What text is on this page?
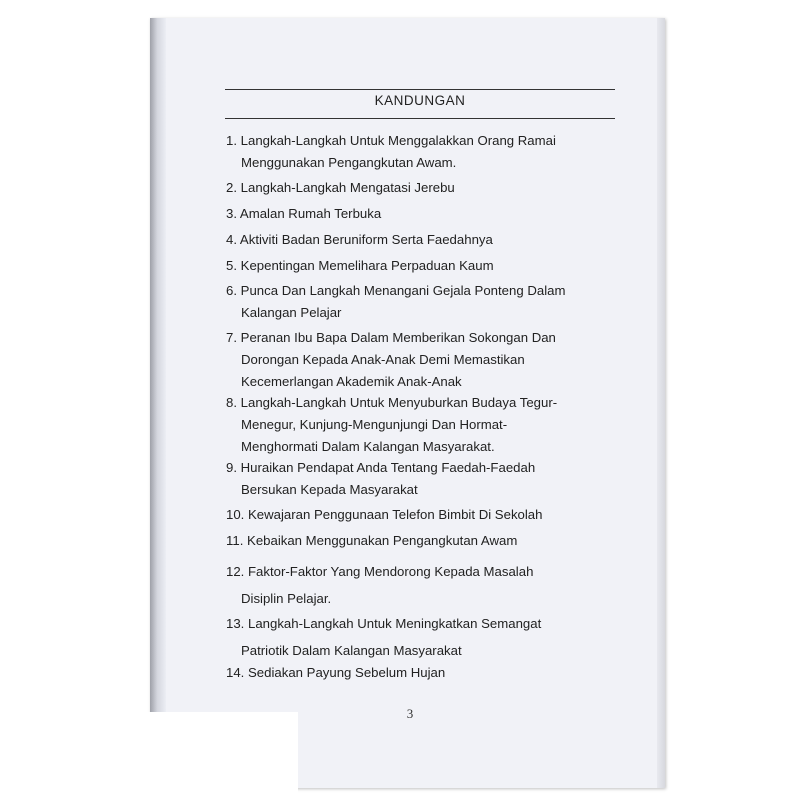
KANDUNGAN
1. Langkah-Langkah Untuk Menggalakkan Orang Ramai
Menggunakan Pengangkutan Awam.
2. Langkah-Langkah Mengatasi Jerebu
3. Amalan Rumah Terbuka
4. Aktiviti Badan Beruniform Serta Faedahnya
5. Kepentingan Memelihara Perpaduan Kaum
6. Punca Dan Langkah Menangani Gejala Ponteng Dalam
Kalangan Pelajar
7. Peranan Ibu Bapa Dalam Memberikan Sokongan Dan
Dorongan Kepada Anak-Anak Demi Memastikan
Kecemerlangan Akademik Anak-Anak
8. Langkah-Langkah Untuk Menyuburkan Budaya Tegur-
Menegur, Kunjung-Mengunjungi Dan Hormat-
Menghormati Dalam Kalangan Masyarakat.
9. Huraikan Pendapat Anda Tentang Faedah-Faedah
Bersukan Kepada Masyarakat
10. Kewajaran Penggunaan Telefon Bimbit Di Sekolah
11. Kebaikan Menggunakan Pengangkutan Awam
12. Faktor-Faktor Yang Mendorong Kepada Masalah
Disiplin Pelajar.
13. Langkah-Langkah Untuk Meningkatkan Semangat
Patriotik Dalam Kalangan Masyarakat
14. Sediakan Payung Sebelum Hujan
3
